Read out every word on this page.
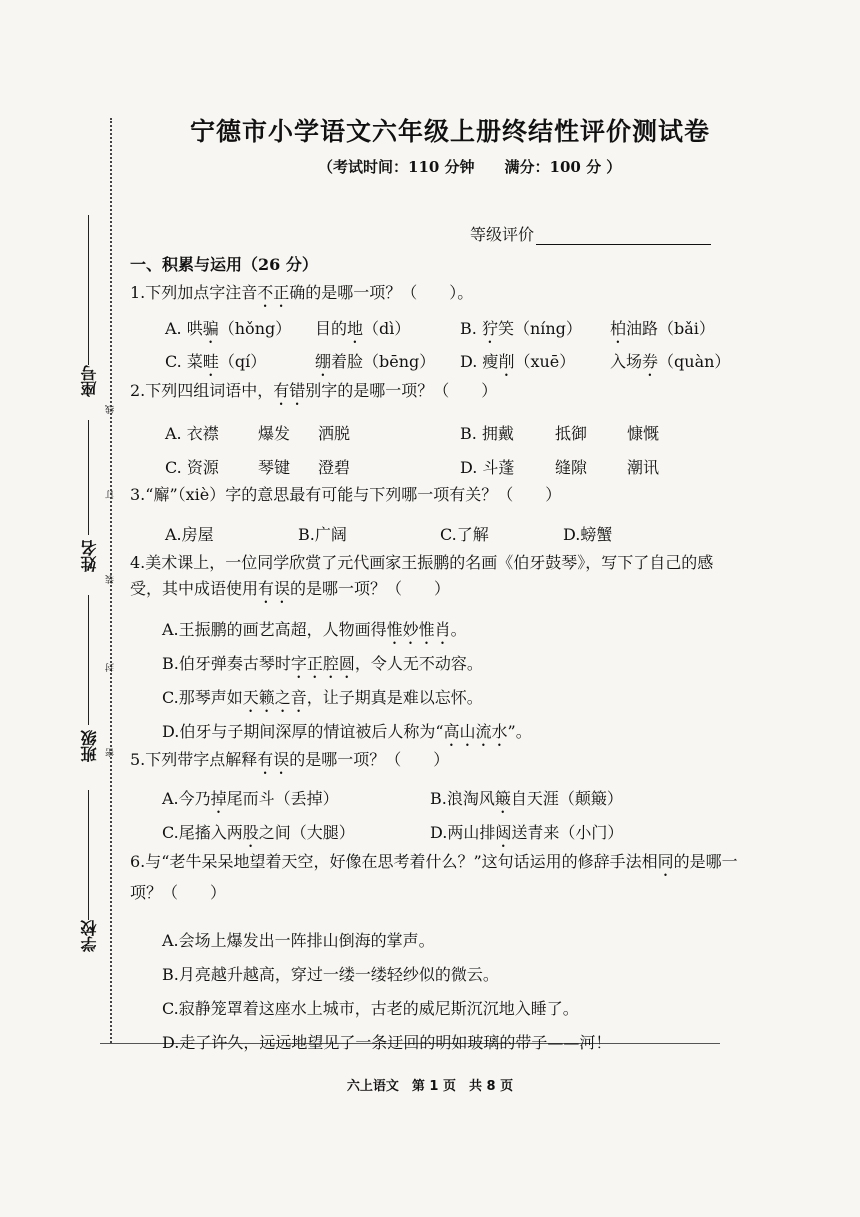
座号
姓名
班级
学校
线
订
装
封
密
宁德市小学语文六年级上册终结性评价测试卷
（考试时间：110 分钟　　满分：100 分 ）
等级评价
一、积累与运用（26 分）
1.下列加点字注音不正确的是哪一项？（　　）。
A. 哄骗（hǒng） 目的地（dì）	B. 狞笑（níng） 柏油路（bǎi）
C. 菜畦（qí）	绷着脸（bēng） D. 瘦削（xuē） 入场券（quàn）
2.下列四组词语中，有错别字的是哪一项？（　　）
A. 衣襟 爆发 洒脱	B. 拥戴	抵御 慷慨
C. 资源 琴键 澄碧	D. 斗蓬	缝隙 潮讯
3.“廨”（xiè）字的意思最有可能与下列哪一项有关？（　　）
A.房屋	B.广阔	C.了解	D.螃蟹
4.美术课上，一位同学欣赏了元代画家王振鹏的名画《伯牙鼓琴》，写下了自己的感受，其中成语使用有误的是哪一项？（　　）
A.王振鹏的画艺高超，人物画得惟妙惟肖。
B.伯牙弹奏古琴时字正腔圆，令人无不动容。
C.那琴声如天籁之音，让子期真是难以忘怀。
D.伯牙与子期间深厚的情谊被后人称为“高山流水”。
5.下列带字点解释有误的是哪一项？（　　）
A.今乃掉尾而斗（丢掉）	B.浪淘风簸自天涯（颠簸）
C.尾搐入两股之间（大腿）	D.两山排闼送青来（小门）
6.与“老牛呆呆地望着天空，好像在思考着什么？”这句话运用的修辞手法相同的是哪一项？（　　）
A.会场上爆发出一阵排山倒海的掌声。
B.月亮越升越高，穿过一缕一缕轻纱似的微云。
C.寂静笼罩着这座水上城市，古老的威尼斯沉沉地入睡了。
D.走了许久，远远地望见了一条迂回的明如玻璃的带子——河！
六上语文　第 1 页　共 8 页
